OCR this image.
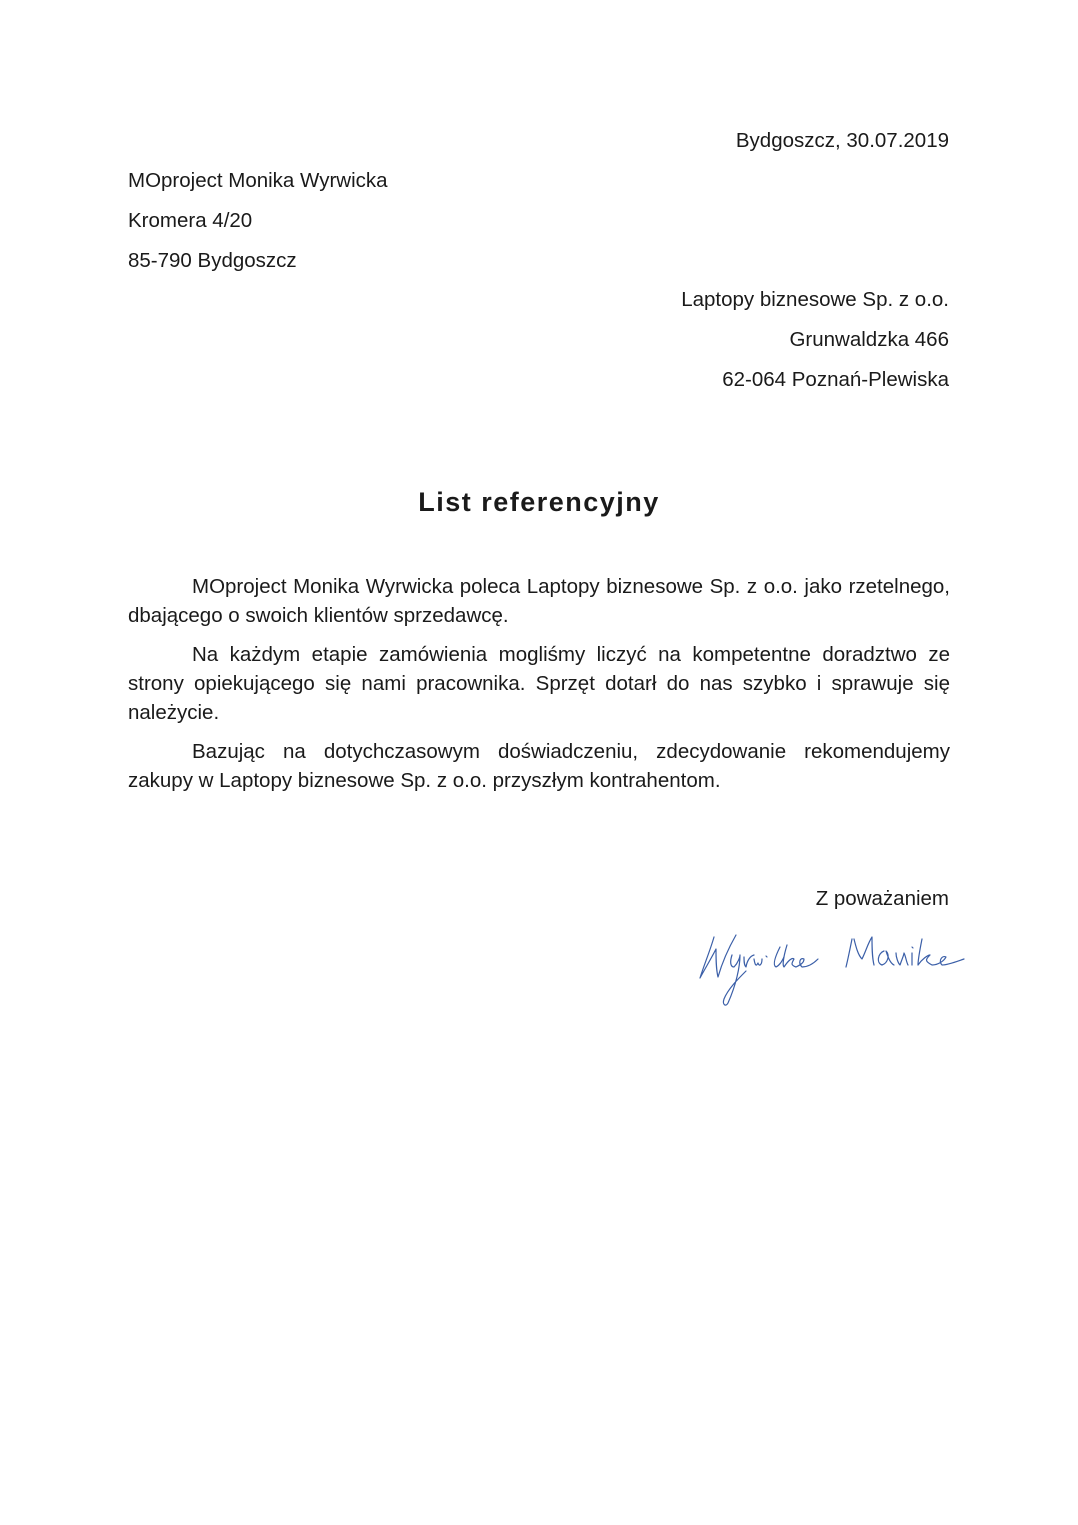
Bydgoszcz, 30.07.2019
MOproject Monika Wyrwicka
Kromera 4/20
85-790 Bydgoszcz
Laptopy biznesowe Sp. z o.o.
Grunwaldzka 466
62-064 Poznań-Plewiska
List referencyjny

MOproject Monika Wyrwicka poleca Laptopy biznesowe Sp. z o.o. jako rzetelnego, dbającego o swoich klientów sprzedawcę.

Na każdym etapie zamówienia mogliśmy liczyć na kompetentne doradztwo ze strony opiekującego się nami pracownika. Sprzęt dotarł do nas szybko i sprawuje się należycie.

Bazując na dotychczasowym doświadczeniu, zdecydowanie rekomendujemy zakupy w Laptopy biznesowe Sp. z o.o. przyszłym kontrahentom.

Z poważaniem
